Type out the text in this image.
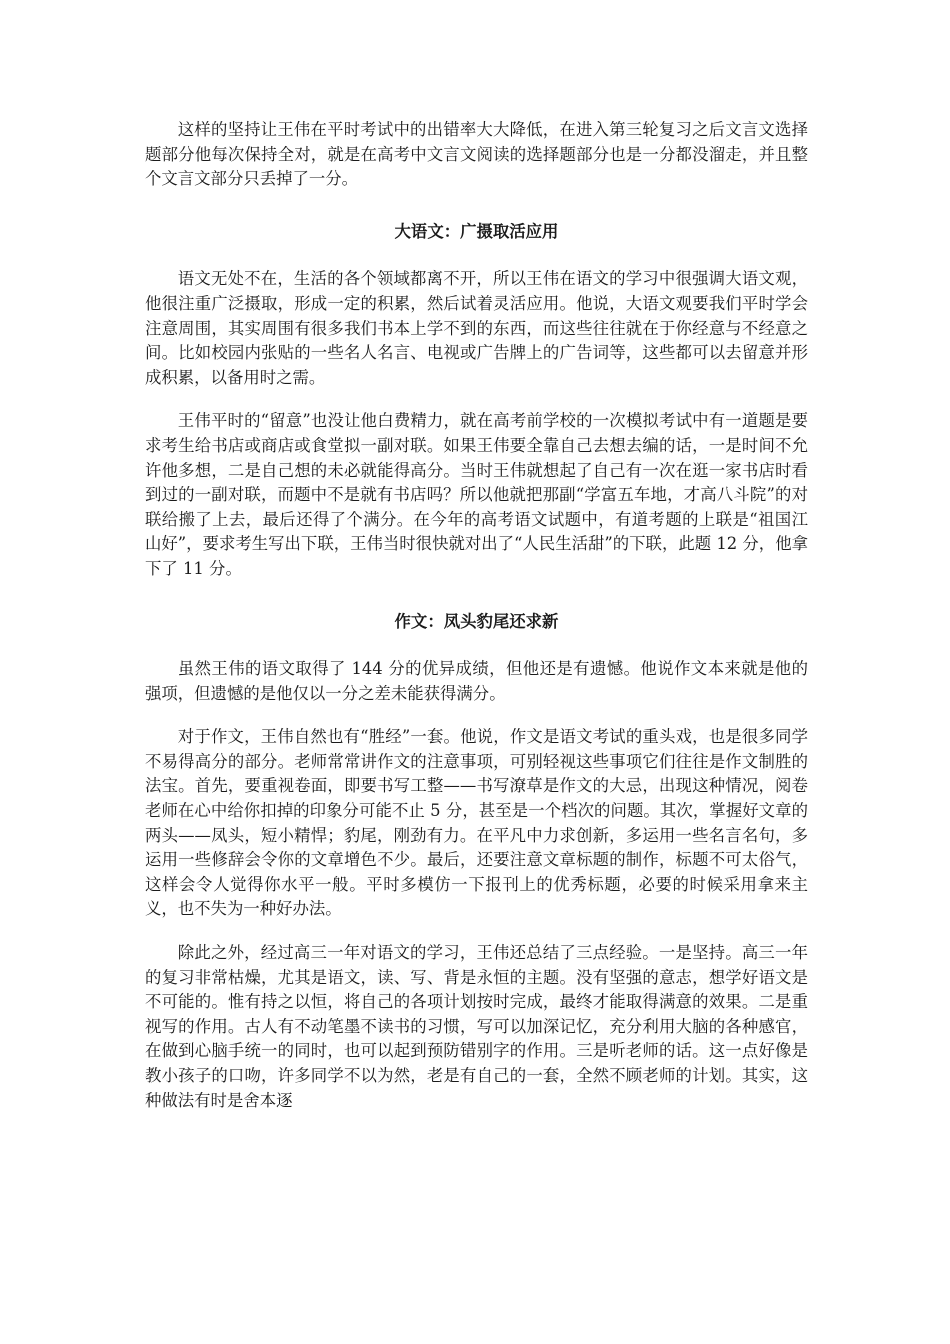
这样的坚持让王伟在平时考试中的出错率大大降低，在进入第三轮复习之后文言文选择题部分他每次保持全对，就是在高考中文言文阅读的选择题部分也是一分都没溜走，并且整个文言文部分只丢掉了一分。

大语文：广摄取活应用

语文无处不在，生活的各个领域都离不开，所以王伟在语文的学习中很强调大语文观，他很注重广泛摄取，形成一定的积累，然后试着灵活应用。他说，大语文观要我们平时学会注意周围，其实周围有很多我们书本上学不到的东西，而这些往往就在于你经意与不经意之间。比如校园内张贴的一些名人名言、电视或广告牌上的广告词等，这些都可以去留意并形成积累，以备用时之需。

王伟平时的“留意”也没让他白费精力，就在高考前学校的一次模拟考试中有一道题是要求考生给书店或商店或食堂拟一副对联。如果王伟要全靠自己去想去编的话，一是时间不允许他多想，二是自己想的未必就能得高分。当时王伟就想起了自己有一次在逛一家书店时看到过的一副对联，而题中不是就有书店吗？所以他就把那副“学富五车地，才高八斗院”的对联给搬了上去，最后还得了个满分。在今年的高考语文试题中，有道考题的上联是“祖国江山好”，要求考生写出下联，王伟当时很快就对出了“人民生活甜”的下联，此题 12 分，他拿下了 11 分。

作文：凤头豹尾还求新

虽然王伟的语文取得了 144 分的优异成绩，但他还是有遗憾。他说作文本来就是他的强项，但遗憾的是他仅以一分之差未能获得满分。

对于作文，王伟自然也有“胜经”一套。他说，作文是语文考试的重头戏，也是很多同学不易得高分的部分。老师常常讲作文的注意事项，可别轻视这些事项它们往往是作文制胜的法宝。首先，要重视卷面，即要书写工整——书写潦草是作文的大忌，出现这种情况，阅卷老师在心中给你扣掉的印象分可能不止 5 分，甚至是一个档次的问题。其次，掌握好文章的两头——凤头，短小精悍；豹尾，刚劲有力。在平凡中力求创新，多运用一些名言名句，多运用一些修辞会令你的文章增色不少。最后，还要注意文章标题的制作，标题不可太俗气，这样会令人觉得你水平一般。平时多模仿一下报刊上的优秀标题，必要的时候采用拿来主义，也不失为一种好办法。

除此之外，经过高三一年对语文的学习，王伟还总结了三点经验。一是坚持。高三一年的复习非常枯燥，尤其是语文，读、写、背是永恒的主题。没有坚强的意志，想学好语文是不可能的。惟有持之以恒，将自己的各项计划按时完成，最终才能取得满意的效果。二是重视写的作用。古人有不动笔墨不读书的习惯，写可以加深记忆，充分利用大脑的各种感官，在做到心脑手统一的同时，也可以起到预防错别字的作用。三是听老师的话。这一点好像是教小孩子的口吻，许多同学不以为然，老是有自己的一套，全然不顾老师的计划。其实，这种做法有时是舍本逐
